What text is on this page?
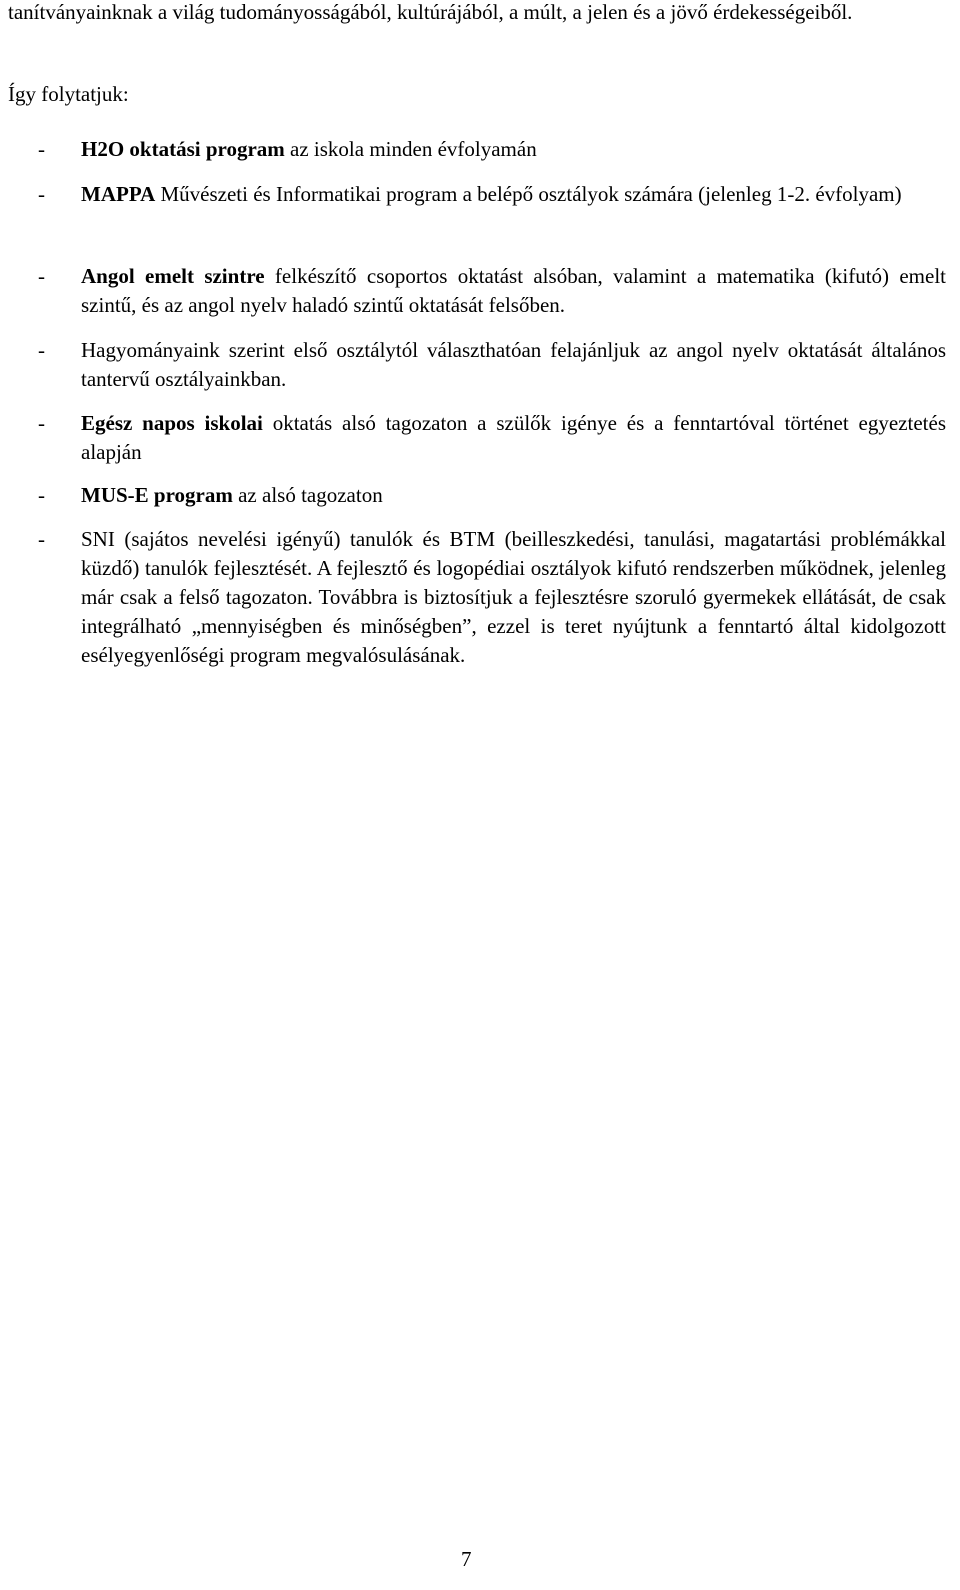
tanítványainknak a világ tudományosságából, kultúrájából, a múlt, a jelen és a jövő érdekességeiből.

Így folytatjuk:

- H2O oktatási program az iskola minden évfolyamán
- MAPPA Művészeti és Informatikai program a belépő osztályok számára (jelenleg 1-2. évfolyam)
- Angol emelt szintre felkészítő csoportos oktatást alsóban, valamint a matematika (kifutó) emelt szintű, és az angol nyelv haladó szintű oktatását felsőben.
- Hagyományaink szerint első osztálytól választhatóan felajánljuk az angol nyelv oktatását általános tantervű osztályainkban.
- Egész napos iskolai oktatás alsó tagozaton a szülők igénye és a fenntartóval történet egyeztetés alapján
- MUS-E program az alsó tagozaton
- SNI (sajátos nevelési igényű) tanulók és BTM (beilleszkedési, tanulási, magatartási problémákkal küzdő) tanulók fejlesztését. A fejlesztő és logopédiai osztályok kifutó rendszerben működnek, jelenleg már csak a felső tagozaton. Továbbra is biztosítjuk a fejlesztésre szoruló gyermekek ellátását, de csak integrálható „mennyiségben és minőségben”, ezzel is teret nyújtunk a fenntartó által kidolgozott esélyegyenlőségi program megvalósulásának.
7
